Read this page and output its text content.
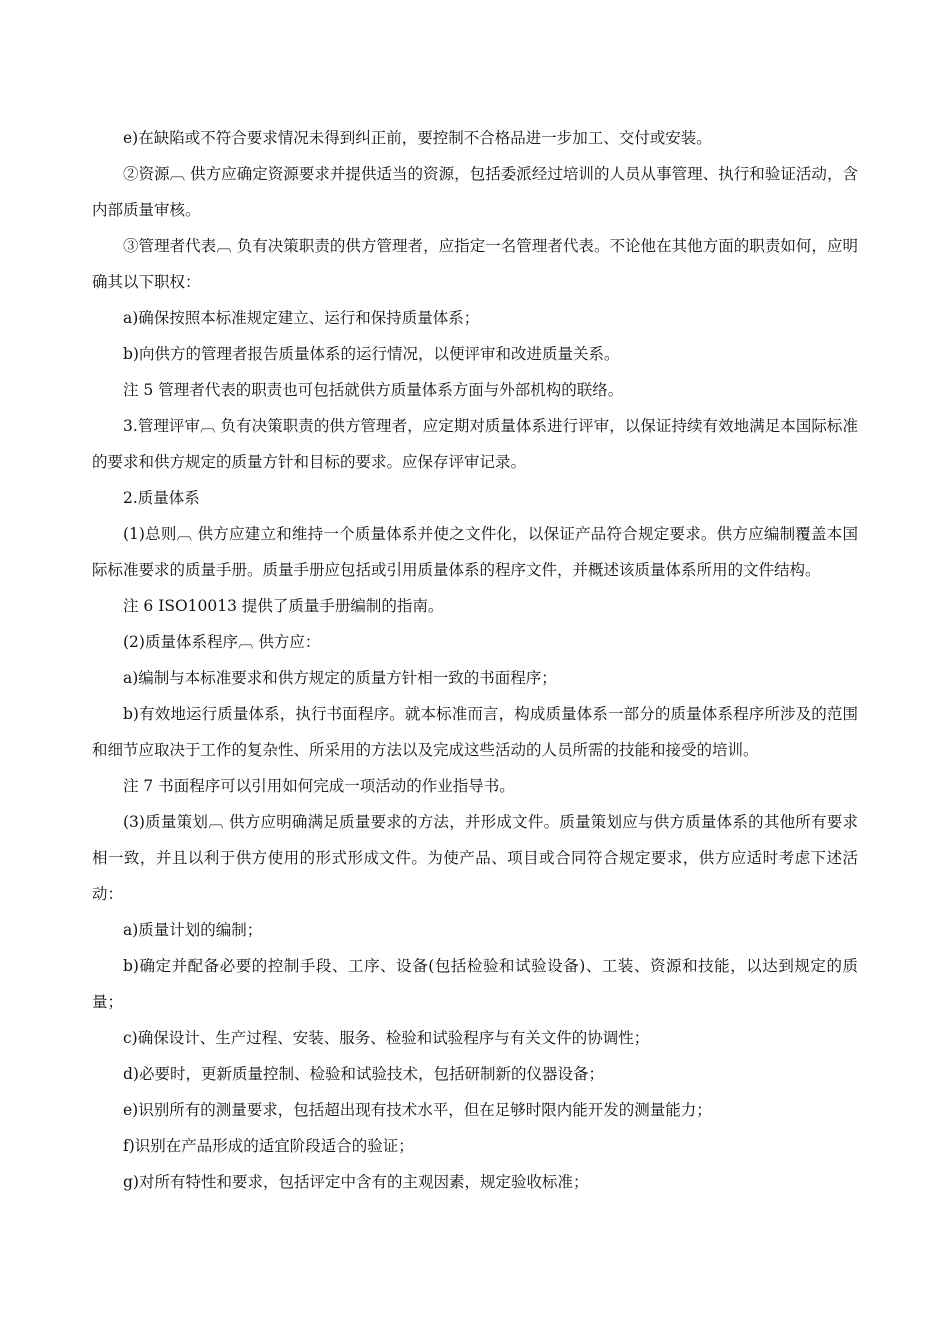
e)在缺陷或不符合要求情况未得到纠正前，要控制不合格品进一步加工、交付或安装。

②资源︹ 供方应确定资源要求并提供适当的资源，包括委派经过培训的人员从事管理、执行和验证活动，含内部质量审核。

③管理者代表︹ 负有决策职责的供方管理者，应指定一名管理者代表。不论他在其他方面的职责如何，应明确其以下职权：

a)确保按照本标准规定建立、运行和保持质量体系；

b)向供方的管理者报告质量体系的运行情况，以便评审和改进质量关系。

注 5 管理者代表的职责也可包括就供方质量体系方面与外部机构的联络。

3.管理评审︹ 负有决策职责的供方管理者，应定期对质量体系进行评审，以保证持续有效地满足本国际标准的要求和供方规定的质量方针和目标的要求。应保存评审记录。

2.质量体系

(1)总则︹ 供方应建立和维持一个质量体系并使之文件化，以保证产品符合规定要求。供方应编制覆盖本国际标准要求的质量手册。质量手册应包括或引用质量体系的程序文件，并概述该质量体系所用的文件结构。

注 6 ISO10013 提供了质量手册编制的指南。

(2)质量体系程序︹ 供方应：

a)编制与本标准要求和供方规定的质量方针相一致的书面程序；

b)有效地运行质量体系，执行书面程序。就本标准而言，构成质量体系一部分的质量体系程序所涉及的范围和细节应取决于工作的复杂性、所采用的方法以及完成这些活动的人员所需的技能和接受的培训。

注 7 书面程序可以引用如何完成一项活动的作业指导书。

(3)质量策划︹ 供方应明确满足质量要求的方法，并形成文件。质量策划应与供方质量体系的其他所有要求相一致，并且以利于供方使用的形式形成文件。为使产品、项目或合同符合规定要求，供方应适时考虑下述活动：

a)质量计划的编制；

b)确定并配备必要的控制手段、工序、设备(包括检验和试验设备)、工装、资源和技能，以达到规定的质量；

c)确保设计、生产过程、安装、服务、检验和试验程序与有关文件的协调性；

d)必要时，更新质量控制、检验和试验技术，包括研制新的仪器设备；

e)识别所有的测量要求，包括超出现有技术水平，但在足够时限内能开发的测量能力；

f)识别在产品形成的适宜阶段适合的验证；

g)对所有特性和要求，包括评定中含有的主观因素，规定验收标准；
